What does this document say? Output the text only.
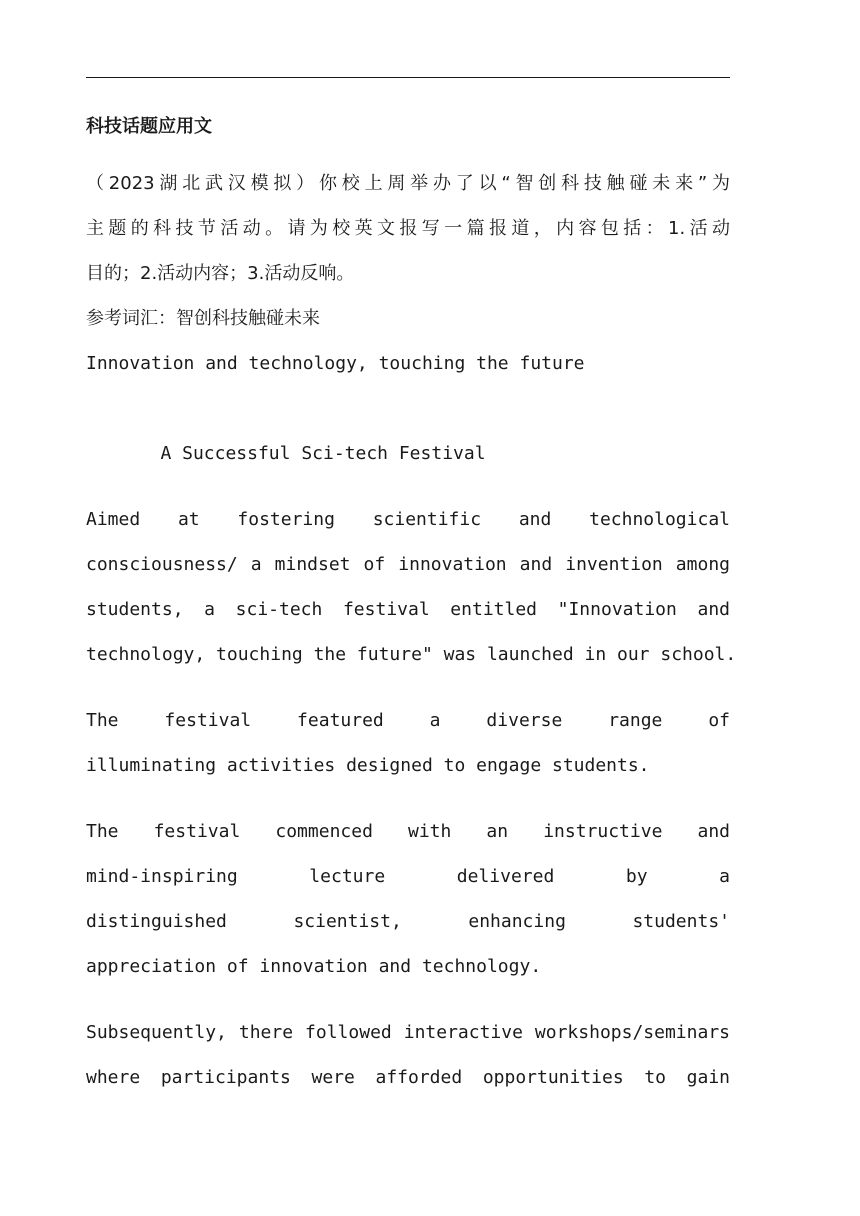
科技话题应用文
（2023湖北武汉模拟）你校上周举办了以“智创科技触碰未来”为
主题的科技节活动。请为校英文报写一篇报道，内容包括：1.活动
目的；2.活动内容；3.活动反响。
参考词汇：智创科技触碰未来
Innovation and technology, touching the future
A Successful Sci-tech Festival
Aimed at fostering scientific and technological
consciousness/ a mindset of innovation and invention among
students, a sci-tech festival entitled "Innovation and
technology, touching the future" was launched in our school.
The festival featured a diverse range of
illuminating activities designed to engage students.
The festival commenced with an instructive and
mind-inspiring lecture delivered by a
distinguished scientist, enhancing students'
appreciation of innovation and technology.
Subsequently, there followed interactive workshops/seminars
where participants were afforded opportunities to gain
